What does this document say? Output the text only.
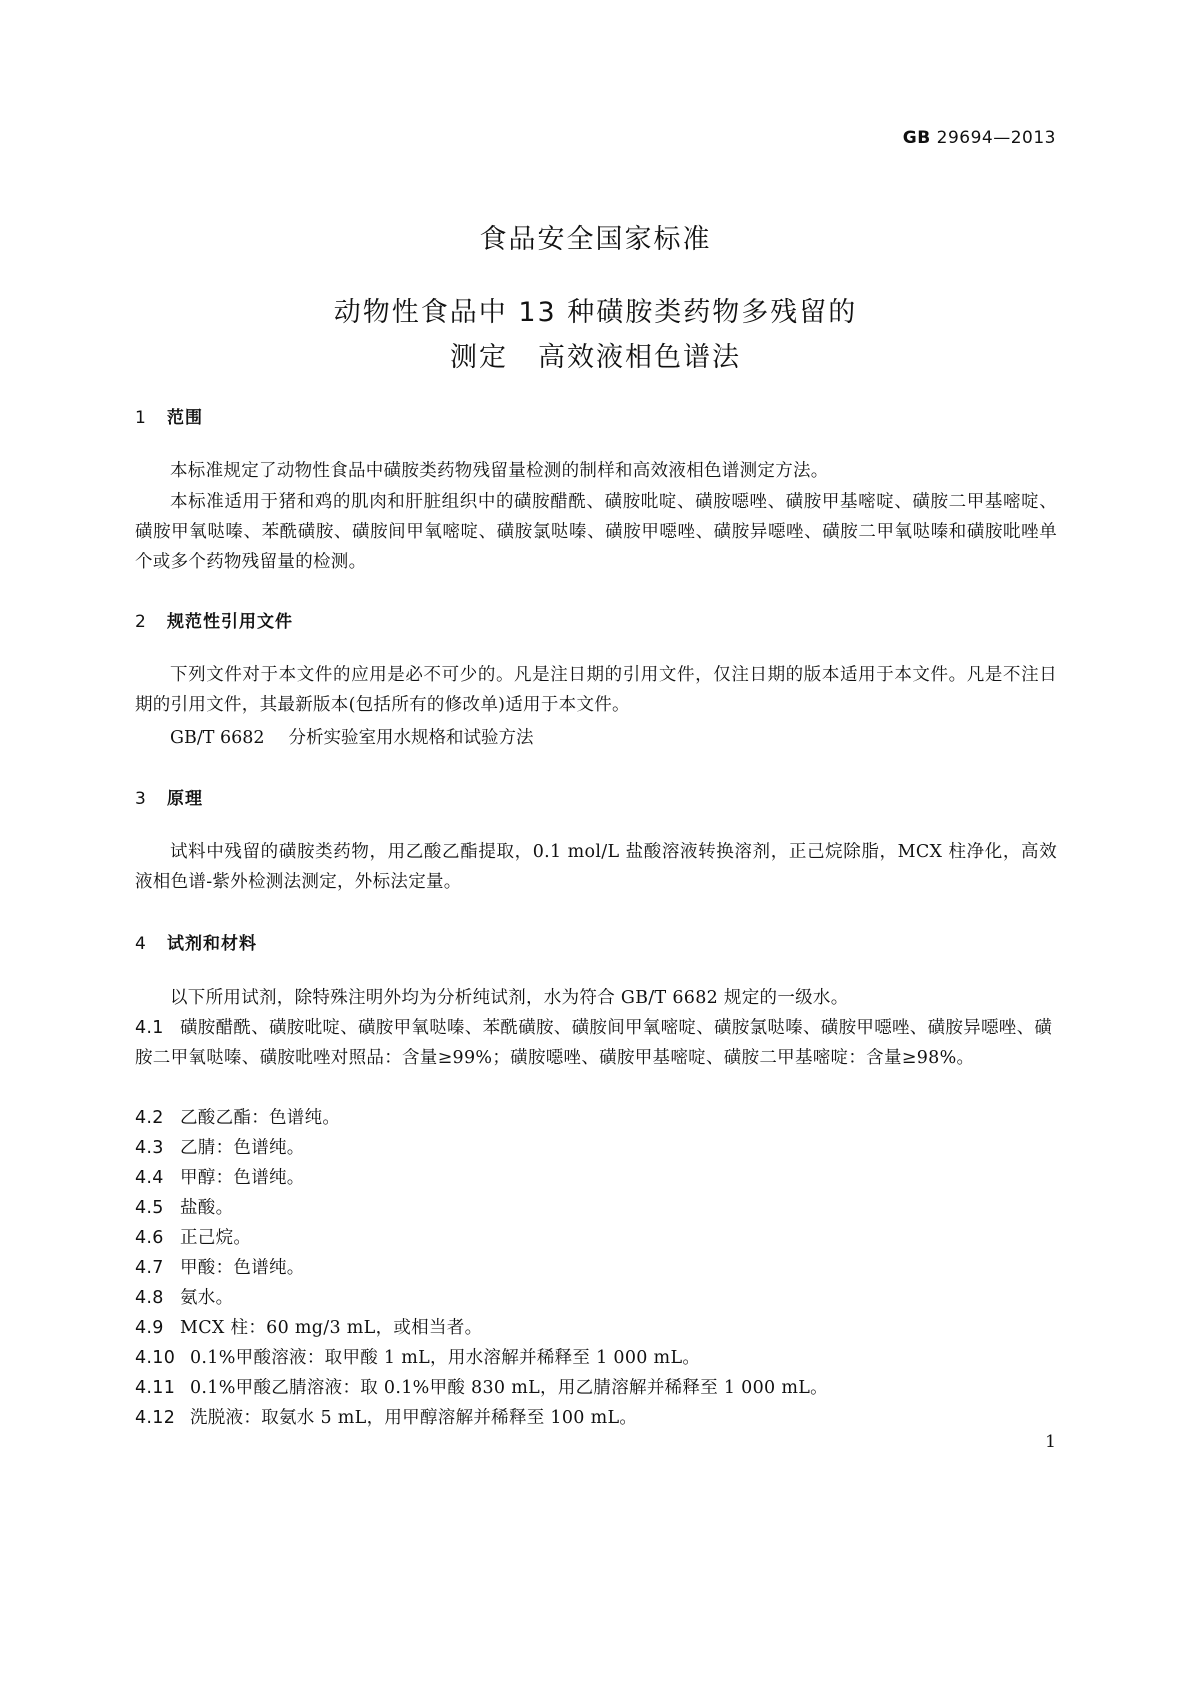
GB 29694—2013
食品安全国家标准
动物性食品中 13 种磺胺类药物多残留的
测定 高效液相色谱法
1 范围
本标准规定了动物性食品中磺胺类药物残留量检测的制样和高效液相色谱测定方法。
本标准适用于猪和鸡的肌肉和肝脏组织中的磺胺醋酰、磺胺吡啶、磺胺噁唑、磺胺甲基嘧啶、磺胺二甲基嘧啶、磺胺甲氧哒嗪、苯酰磺胺、磺胺间甲氧嘧啶、磺胺氯哒嗪、磺胺甲噁唑、磺胺异噁唑、磺胺二甲氧哒嗪和磺胺吡唑单个或多个药物残留量的检测。
2 规范性引用文件
下列文件对于本文件的应用是必不可少的。凡是注日期的引用文件，仅注日期的版本适用于本文件。凡是不注日期的引用文件，其最新版本(包括所有的修改单)适用于本文件。
GB/T 6682 分析实验室用水规格和试验方法
3 原理
试料中残留的磺胺类药物，用乙酸乙酯提取，0.1 mol/L 盐酸溶液转换溶剂，正己烷除脂，MCX 柱净化，高效液相色谱-紫外检测法测定，外标法定量。
4 试剂和材料
以下所用试剂，除特殊注明外均为分析纯试剂，水为符合 GB/T 6682 规定的一级水。
4.1 磺胺醋酰、磺胺吡啶、磺胺甲氧哒嗪、苯酰磺胺、磺胺间甲氧嘧啶、磺胺氯哒嗪、磺胺甲噁唑、磺胺异噁唑、磺胺二甲氧哒嗪、磺胺吡唑对照品：含量≥99%；磺胺噁唑、磺胺甲基嘧啶、磺胺二甲基嘧啶：含量≥98%。
4.2 乙酸乙酯：色谱纯。
4.3 乙腈：色谱纯。
4.4 甲醇：色谱纯。
4.5 盐酸。
4.6 正己烷。
4.7 甲酸：色谱纯。
4.8 氨水。
4.9 MCX 柱：60 mg/3 mL，或相当者。
4.10 0.1%甲酸溶液：取甲酸 1 mL，用水溶解并稀释至 1 000 mL。
4.11 0.1%甲酸乙腈溶液：取 0.1%甲酸 830 mL，用乙腈溶解并稀释至 1 000 mL。
4.12 洗脱液：取氨水 5 mL，用甲醇溶解并稀释至 100 mL。
1
